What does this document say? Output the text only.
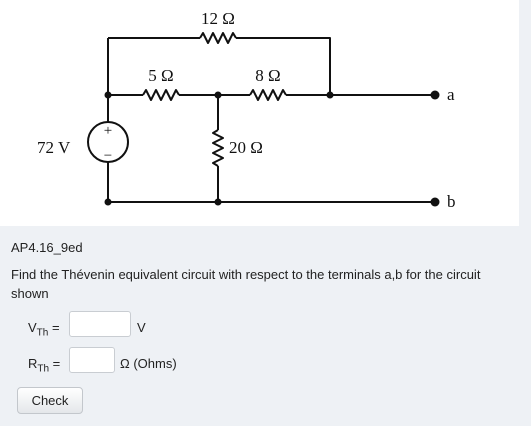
12 Ω
5 Ω	8 Ω
20 Ω
72 V
+
−
a
b
AP4.16_9ed
Find the Thévenin equivalent circuit with respect to the terminals a,b for the circuit shown
$V_{Th}$ =	V
$R_{Th}$ =	Ω (Ohms)
Check
